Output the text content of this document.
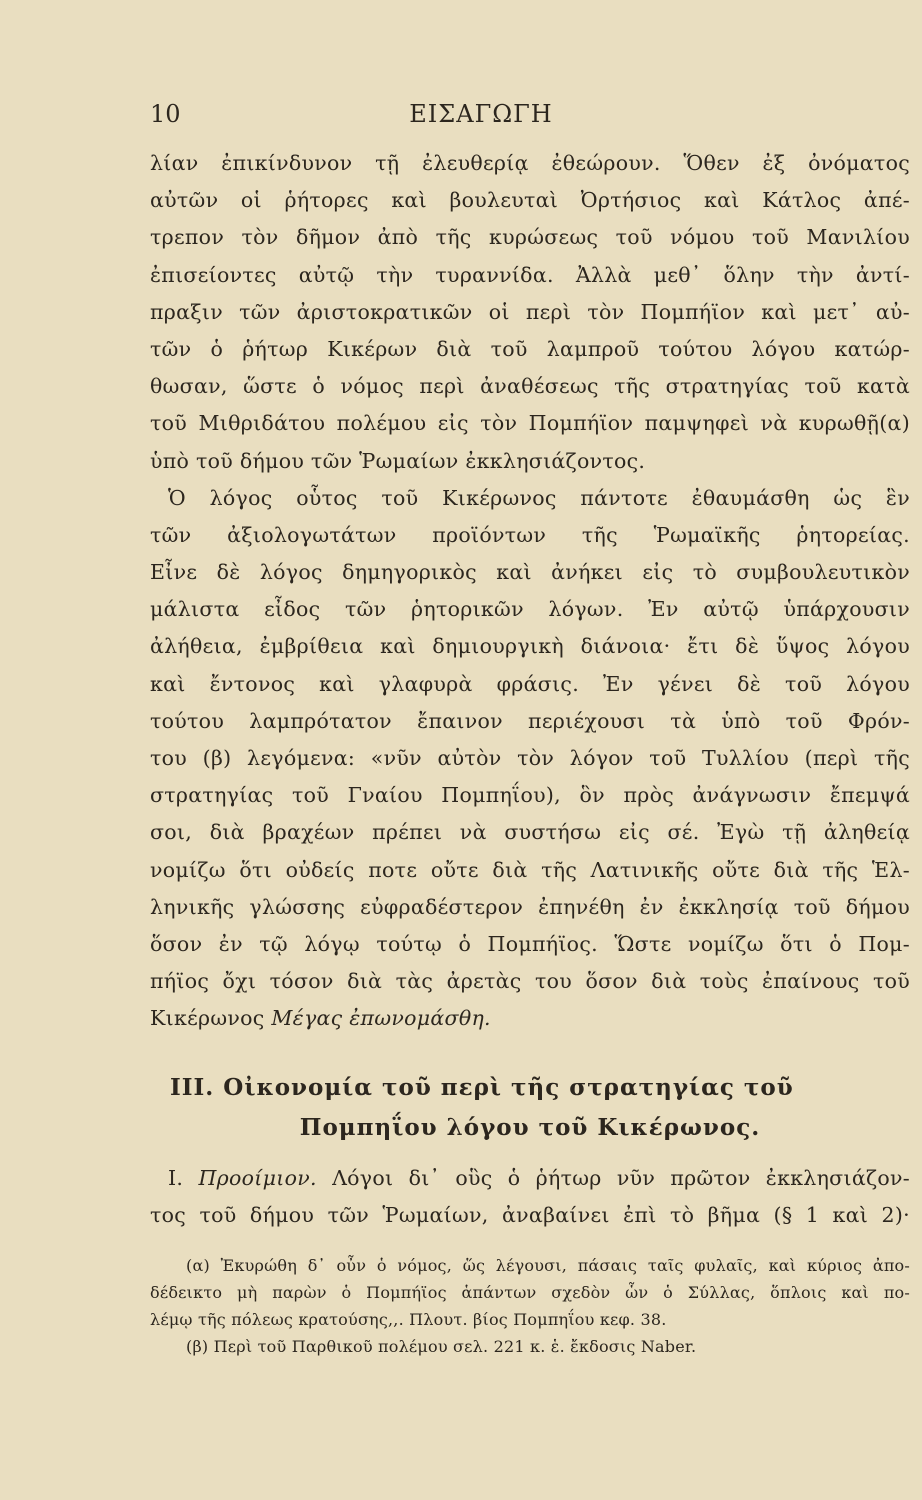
10	ΕΙΣΑΓΩΓΗ
λίαν ἐπικίνδυνον τῇ ἐλευθερίᾳ ἐθεώρουν. Ὅθεν ἐξ ὀνόματος
αὐτῶν οἱ ῥήτορες καὶ βουλευταὶ Ὀρτήσιος καὶ Κάτλος ἀπέ-
τρεπον τὸν δῆμον ἀπὸ τῆς κυρώσεως τοῦ νόμου τοῦ Μανιλίου
ἐπισείοντες αὐτῷ τὴν τυραννίδα. Ἀλλὰ μεθ᾽ ὅλην τὴν ἀντί-
πραξιν τῶν ἀριστοκρατικῶν οἱ περὶ τὸν Πομπήϊον καὶ μετ᾽ αὐ-
τῶν ὁ ῥήτωρ Κικέρων διὰ τοῦ λαμπροῦ τούτου λόγου κατώρ-
θωσαν, ὥστε ὁ νόμος περὶ ἀναθέσεως τῆς στρατηγίας τοῦ κατὰ
τοῦ Μιθριδάτου πολέμου εἰς τὸν Πομπήϊον παμψηφεὶ νὰ κυρωθῇ(α)
ὑπὸ τοῦ δήμου τῶν Ῥωμαίων ἐκκλησιάζοντος.
Ὁ λόγος οὗτος τοῦ Κικέρωνος πάντοτε ἐθαυμάσθη ὡς ἓν
τῶν ἀξιολογωτάτων προϊόντων τῆς Ῥωμαϊκῆς ῥητορείας.
Εἶνε δὲ λόγος δημηγορικὸς καὶ ἀνήκει εἰς τὸ συμβουλευτικὸν
μάλιστα εἶδος τῶν ῥητορικῶν λόγων. Ἐν αὐτῷ ὑπάρχουσιν
ἀλήθεια, ἐμβρίθεια καὶ δημιουργικὴ διάνοια· ἔτι δὲ ὕψος λόγου
καὶ ἔντονος καὶ γλαφυρὰ φράσις. Ἐν γένει δὲ τοῦ λόγου
τούτου λαμπρότατον ἔπαινον περιέχουσι τὰ ὑπὸ τοῦ Φρόν-
του (β) λεγόμενα: «νῦν αὐτὸν τὸν λόγον τοῦ Τυλλίου (περὶ τῆς
στρατηγίας τοῦ Γναίου Πομπηΐου), ὃν πρὸς ἀνάγνωσιν ἔπεμψά
σοι, διὰ βραχέων πρέπει νὰ συστήσω εἰς σέ. Ἐγὼ τῇ ἀληθείᾳ
νομίζω ὅτι οὐδείς ποτε οὔτε διὰ τῆς Λατινικῆς οὔτε διὰ τῆς Ἑλ-
ληνικῆς γλώσσης εὐφραδέστερον ἐπηνέθη ἐν ἐκκλησίᾳ τοῦ δήμου
ὅσον ἐν τῷ λόγῳ τούτῳ ὁ Πομπήϊος. Ὥστε νομίζω ὅτι ὁ Πομ-
πήϊος ὄχι τόσον διὰ τὰς ἀρετὰς του ὅσον διὰ τοὺς ἐπαίνους τοῦ
Κικέρωνος Μέγας ἐπωνομάσθη.
ΙΙΙ. Οἰκονομία τοῦ περὶ τῆς στρατηγίας τοῦ
Πομπηΐου λόγου τοῦ Κικέρωνος.
Ι. Προοίμιον. Λόγοι δι᾽ οὓς ὁ ῥήτωρ νῦν πρῶτον ἐκκλησιάζον-
τος τοῦ δήμου τῶν Ῥωμαίων, ἀναβαίνει ἐπὶ τὸ βῆμα (§ 1 καὶ 2)·
(α) Ἐκυρώθη δ᾽ οὖν ὁ νόμος, ὥς λέγουσι, πάσαις ταῖς φυλαῖς, καὶ κύριος ἀπο-
δέδεικτο μὴ παρὼν ὁ Πομπήϊος ἁπάντων σχεδὸν ὧν ὁ Σύλλας, ὅπλοις καὶ πο-
λέμῳ τῆς πόλεως κρατούσης,,. Πλουτ. βίος Πομπηΐου κεφ. 38.
(β) Περὶ τοῦ Παρθικοῦ πολέμου σελ. 221 κ. ἑ. ἔκδοσις Naber.
